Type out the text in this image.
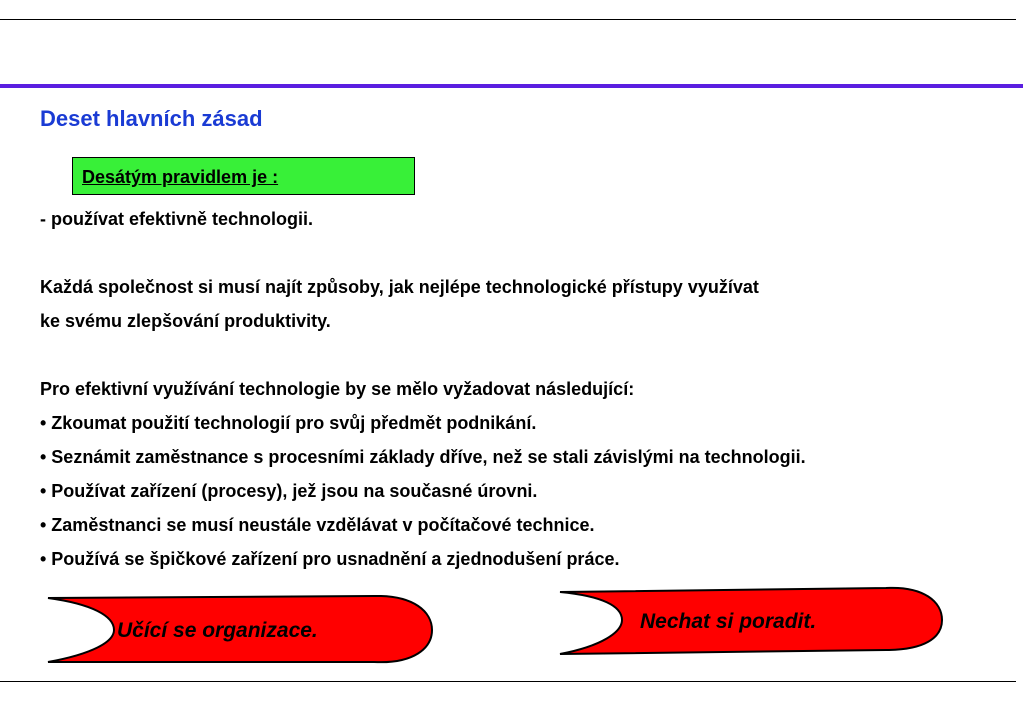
Deset hlavních zásad
Desátým pravidlem je :
- používat efektivně technologii.
Každá společnost si musí najít způsoby, jak nejlépe technologické přístupy využívat
ke svému zlepšování produktivity.
Pro efektivní využívání technologie by se mělo vyžadovat následující:
• Zkoumat použití technologií pro svůj předmět podnikání.
• Seznámit zaměstnance s procesními základy dříve, než se stali závislými na technologii.
• Používat zařízení (procesy), jež jsou na současné úrovni.
• Zaměstnanci se musí neustále vzdělávat v počítačové technice.
• Používá se špičkové zařízení pro usnadnění a zjednodušení práce.
Učící se organizace.	Nechat si poradit.
